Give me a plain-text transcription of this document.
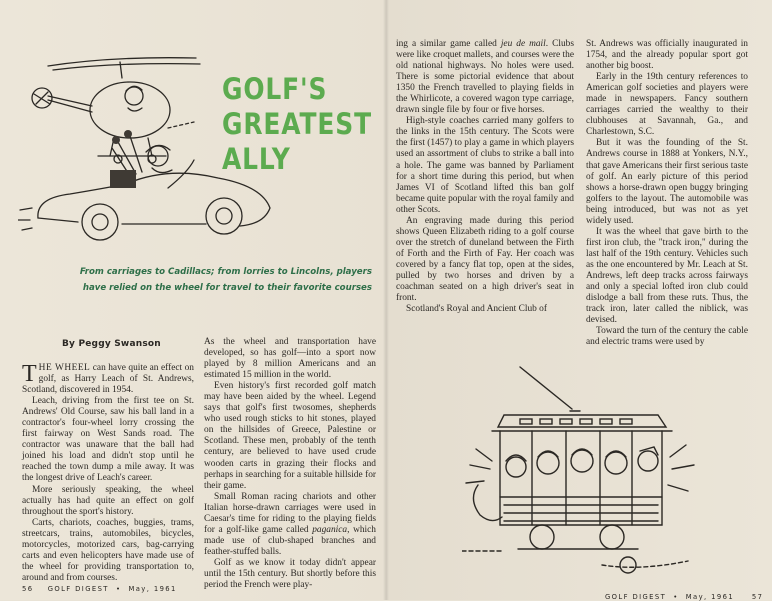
GOLF'S
GREATEST
ALLY
From carriages to Cadillacs; from lorries to Lincolns, players
have relied on the wheel for travel to their favorite courses
By Peggy Swanson

THE WHEEL can have quite an effect on golf, as Harry Leach of St. Andrews, Scotland, discovered in 1954.

Leach, driving from the first tee on St. Andrews' Old Course, saw his ball land in a contractor's four-wheel lorry crossing the first fairway on West Sands road. The contractor was unaware that the ball had joined his load and didn't stop until he reached the town dump a mile away. It was the longest drive of Leach's career.

More seriously speaking, the wheel actually has had quite an effect on golf throughout the sport's history.

Carts, chariots, coaches, buggies, trams, streetcars, trains, automobiles, bicycles, motorcycles, motorized cars, bag-carrying carts and even helicopters have made use of the wheel for providing transportation to, around and from courses.

As the wheel and transportation have developed, so has golf—into a sport now played by 8 million Americans and an estimated 15 million in the world.

Even history's first recorded golf match may have been aided by the wheel. Legend says that golf's first twosomes, shepherds who used rough sticks to hit stones, played on the hillsides of Greece, Palestine or Scotland. These men, probably of the tenth century, are believed to have used crude wooden carts in grazing their flocks and perhaps in searching for a suitable hillside for their game.

Small Roman racing chariots and other Italian horse-drawn carriages were used in Caesar's time for riding to the playing fields for a golf-like game called paganica, which made use of club-shaped branches and feather-stuffed balls.

Golf as we know it today didn't appear until the 15th century. But shortly before this period the French were play-

ing a similar game called jeu de mail. Clubs were like croquet mallets, and courses were the old national highways. No holes were used. There is some pictorial evidence that about 1350 the French travelled to playing fields in the Whirlicote, a covered wagon type carriage, drawn single file by four or five horses.

High-style coaches carried many golfers to the links in the 15th century. The Scots were the first (1457) to play a game in which players used an assortment of clubs to strike a ball into a hole. The game was banned by Parliament for a short time during this period, but when James VI of Scotland lifted this ban golf became quite popular with the royal family and other Scots.

An engraving made during this period shows Queen Elizabeth riding to a golf course over the stretch of duneland between the Firth of Forth and the Firth of Fay. Her coach was covered by a fancy flat top, open at the sides, pulled by two horses and driven by a coachman seated on a high driver's seat in front.

Scotland's Royal and Ancient Club of

St. Andrews was officially inaugurated in 1754, and the already popular sport got another big boost.

Early in the 19th century references to American golf societies and players were made in newspapers. Fancy southern carriages carried the wealthy to their clubhouses at Savannah, Ga., and Charlestown, S.C.

But it was the founding of the St. Andrews course in 1888 at Yonkers, N.Y., that gave Americans their first serious taste of golf. An early picture of this period shows a horse-drawn open buggy bringing golfers to the layout. The automobile was being introduced, but was not as yet widely used.

It was the wheel that gave birth to the first iron club, the "track iron," during the last half of the 19th century. Vehicles such as the one encountered by Mr. Leach at St. Andrews, left deep tracks across fairways and only a special lofted iron club could dislodge a ball from these ruts. Thus, the track iron, later called the niblick, was devised.

Toward the turn of the century the cable and electric trams were used by

56    GOLF DIGEST  •  May, 1961
GOLF DIGEST  •  May, 1961     57
